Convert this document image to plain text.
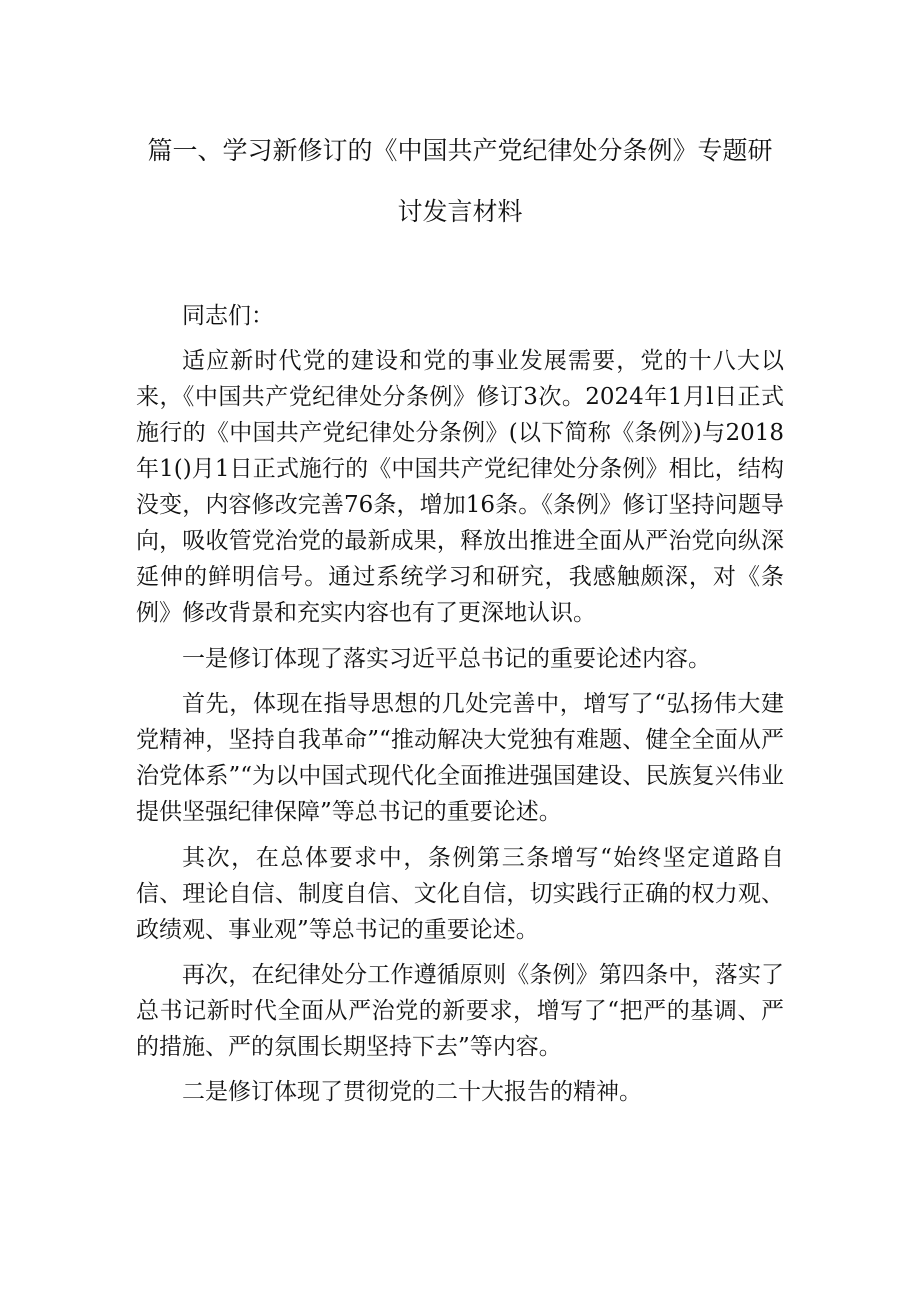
篇一、学习新修订的《中国共产党纪律处分条例》专题研
讨发言材料

同志们：

适应新时代党的建设和党的事业发展需要，党的十八大以来，《中国共产党纪律处分条例》修订3次。2024年1月l日正式施行的《中国共产党纪律处分条例》(以下简称《条例》)与2018年1()月1日正式施行的《中国共产党纪律处分条例》相比，结构没变，内容修改完善76条，增加16条。《条例》修订坚持问题导向，吸收管党治党的最新成果，释放出推进全面从严治党向纵深延伸的鲜明信号。通过系统学习和研究，我感触颇深，对《条例》修改背景和充实内容也有了更深地认识。

一是修订体现了落实习近平总书记的重要论述内容。

首先，体现在指导思想的几处完善中，增写了“弘扬伟大建党精神，坚持自我革命”“推动解决大党独有难题、健全全面从严治党体系”“为以中国式现代化全面推进强国建设、民族复兴伟业提供坚强纪律保障”等总书记的重要论述。

其次，在总体要求中，条例第三条增写“始终坚定道路自信、理论自信、制度自信、文化自信，切实践行正确的权力观、政绩观、事业观”等总书记的重要论述。

再次，在纪律处分工作遵循原则《条例》第四条中，落实了总书记新时代全面从严治党的新要求，增写了“把严的基调、严的措施、严的氛围长期坚持下去”等内容。

二是修订体现了贯彻党的二十大报告的精神。
